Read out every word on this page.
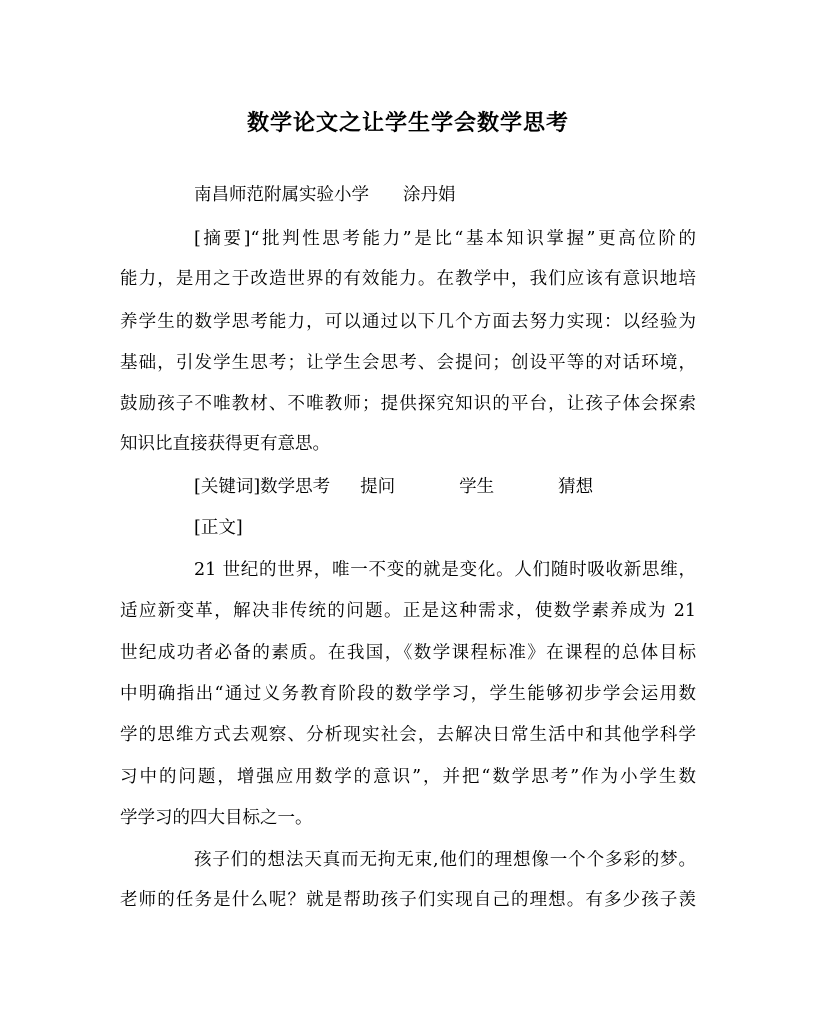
数学论文之让学生学会数学思考
南昌师范附属实验小学 涂丹娟
[摘要]“批判性思考能力”是比“基本知识掌握”更高位阶的
能力，是用之于改造世界的有效能力。在教学中，我们应该有意识地培
养学生的数学思考能力，可以通过以下几个方面去努力实现：以经验为
基础，引发学生思考；让学生会思考、会提问；创设平等的对话环境，
鼓励孩子不唯教材、不唯教师；提供探究知识的平台，让孩子体会探索
知识比直接获得更有意思。
[关键词]数学思考 提问	学生	猜想
[正文]
21 世纪的世界，唯一不变的就是变化。人们随时吸收新思维，
适应新变革，解决非传统的问题。正是这种需求，使数学素养成为 21
世纪成功者必备的素质。在我国，《数学课程标准》在课程的总体目标
中明确指出“通过义务教育阶段的数学学习，学生能够初步学会运用数
学的思维方式去观察、分析现实社会，去解决日常生活中和其他学科学
习中的问题，增强应用数学的意识”，并把“数学思考”作为小学生数
学学习的四大目标之一。
孩子们的想法天真而无拘无束,他们的理想像一个个多彩的梦。
老师的任务是什么呢？就是帮助孩子们实现自己的理想。有多少孩子羡
